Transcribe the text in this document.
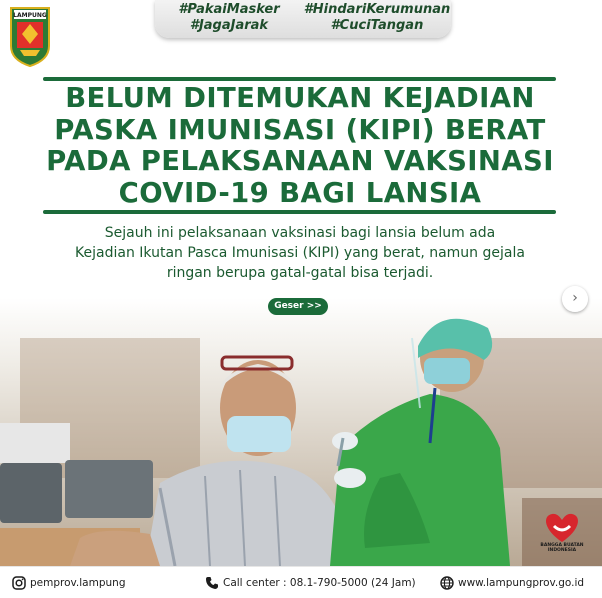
LAMPUNG	#PakaiMasker	#HindariKerumunan
#JagaJarak	#CuciTangan
BELUM DITEMUKAN KEJADIAN
PASKA IMUNISASI (KIPI) BERAT
PADA PELAKSANAAN VAKSINASI
COVID-19 BAGI LANSIA
Sejauh ini pelaksanaan vaksinasi bagi lansia belum ada
Kejadian Ikutan Pasca Imunisasi (KIPI) yang berat, namun gejala
ringan berupa gatal-gatal bisa terjadi.
Geser >>	›
BANGGA BUATAN INDONESIA
pemprov.lampung	Call center : 08.1-790-5000 (24 Jam)	www.lampungprov.go.id
